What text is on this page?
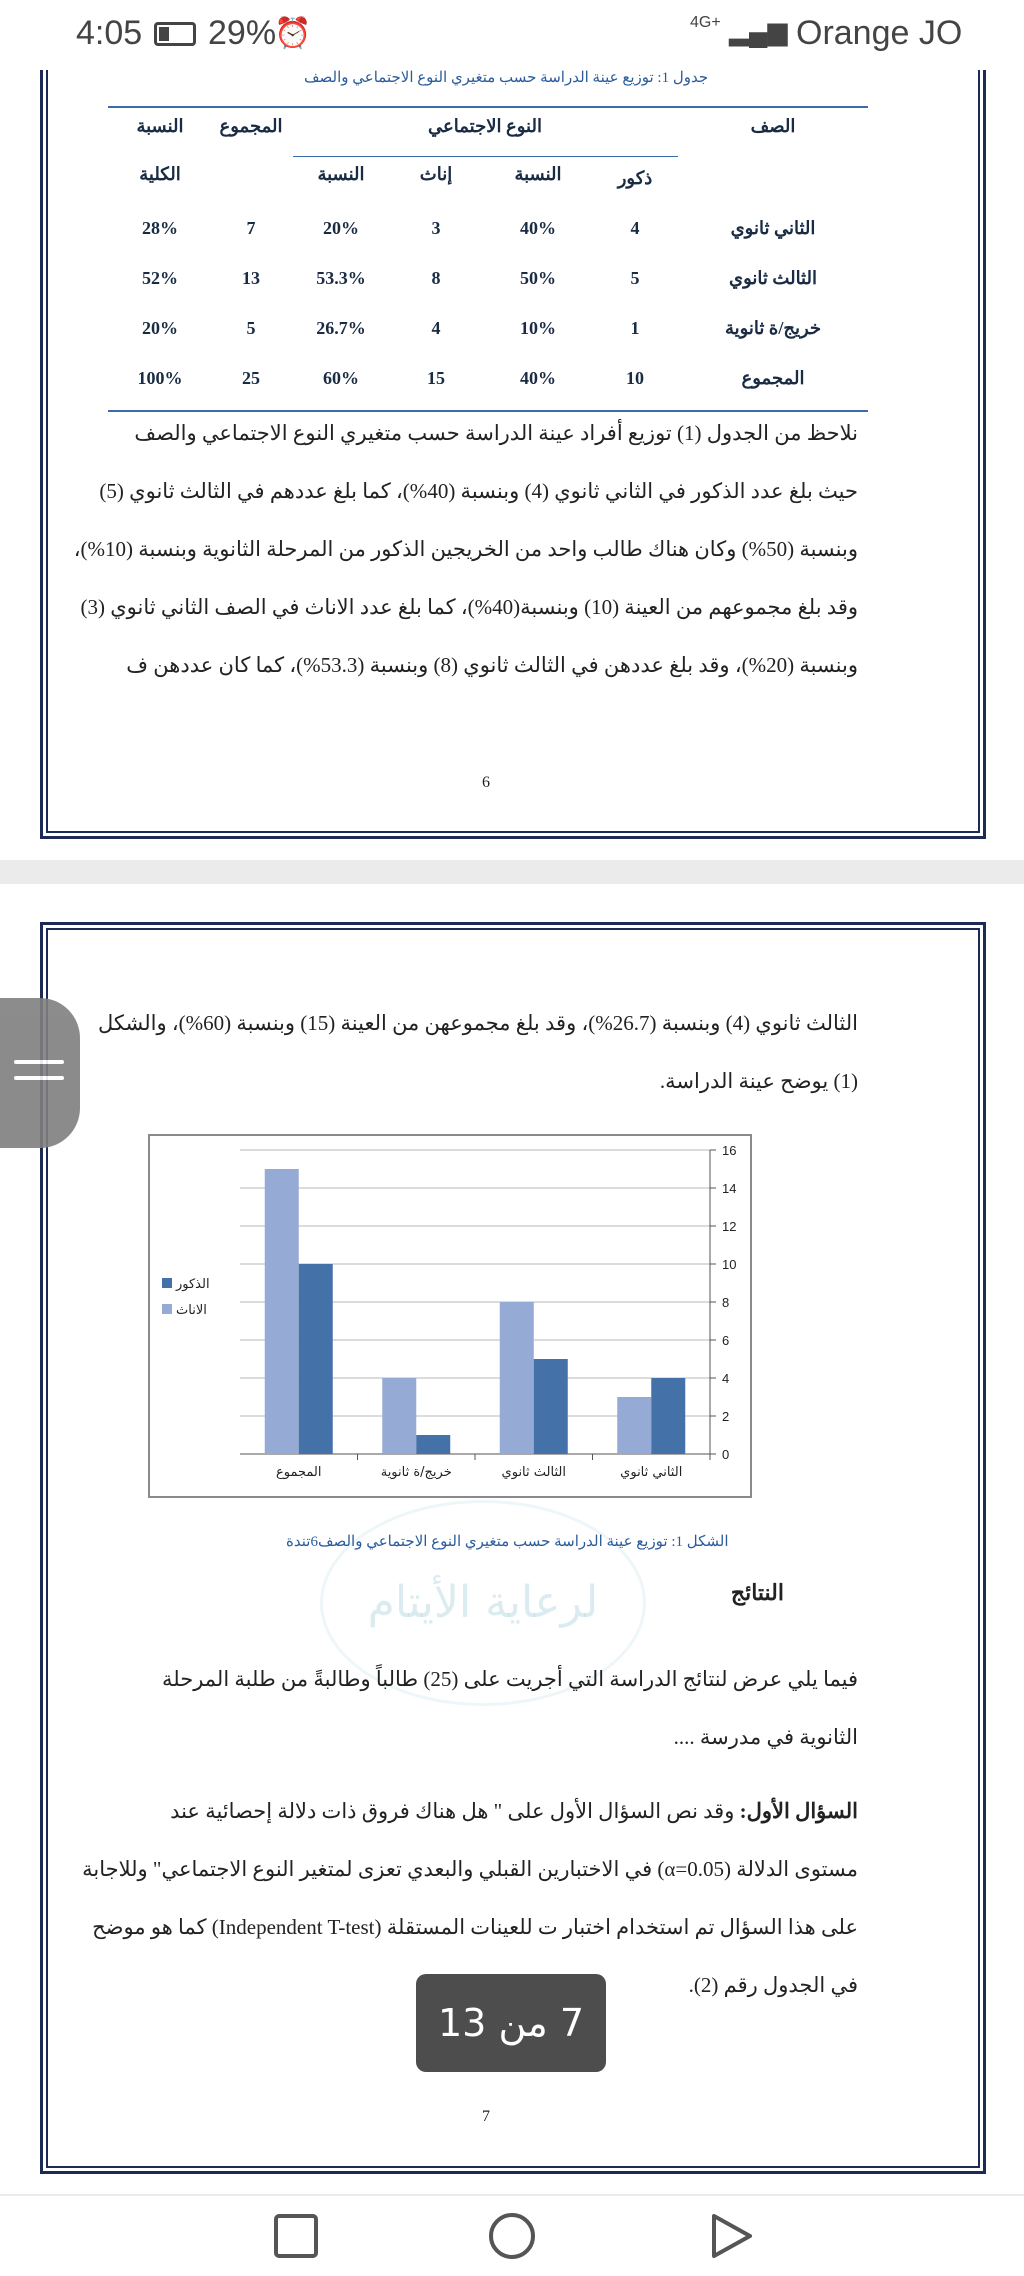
4:05 29%
⏰	$^{4G+}$ ▂▄▆ Orange JO
جدول 1: توزيع عينة الدراسة حسب متغيري النوع الاجتماعي والصف
الصف
النوع الاجتماعي
المجموع
النسبة
الكلية	ذكور
النسبة
إناث
النسبة
الثاني ثانوي
4
40%
3
20%
7
28%
الثالث ثانوي
5
50%
8
53.3%
13
52%
خريج/ة ثانوية
1
10%
4
26.7%
5
20%
المجموع
10
40%
15
60%
25
100%
نلاحظ من الجدول (1) توزيع أفراد عينة الدراسة حسب متغيري النوع الاجتماعي والصف
حيث بلغ عدد الذكور في الثاني ثانوي (4) وبنسبة (40%)، كما بلغ عددهم في الثالث ثانوي (5)
وبنسبة (50%) وكان هناك طالب واحد من الخريجين الذكور من المرحلة الثانوية وبنسبة (10%)،
وقد بلغ مجموعهم من العينة (10) وبنسبة(40%)، كما بلغ عدد الاناث في الصف الثاني ثانوي (3)
وبنسبة (20%)، وقد بلغ عددهن في الثالث ثانوي (8) وبنسبة (53.3%)، كما كان عددهن ف
6
لرعاية الأيتام
الثالث ثانوي (4) وبنسبة (26.7%)، وقد بلغ مجموعهن من العينة (15) وبنسبة (60%)، والشكل
(1) يوضح عينة الدراسة.
0
2
4
6
8
10
12
14
16
الثاني ثانوي
الثالث ثانوي
خريج/ة ثانوية
المجموع
الذكور
الاناث
الشكل 1: توزيع عينة الدراسة حسب متغيري النوع الاجتماعي والصف6تندة
النتائج
فيما يلي عرض لنتائج الدراسة التي أجريت على (25) طالباً وطالبةً من طلبة المرحلة
الثانوية في مدرسة ....
السؤال الأول: وقد نص السؤال الأول على " هل هناك فروق ذات دلالة إحصائية عند
مستوى الدلالة (α=0.05) في الاختبارين القبلي والبعدي تعزى لمتغير النوع الاجتماعي" وللاجابة
على هذا السؤال تم استخدام اختبار ت للعينات المستقلة (Independent T-test) كما هو موضح
في الجدول رقم (2).
7
7 من 13
